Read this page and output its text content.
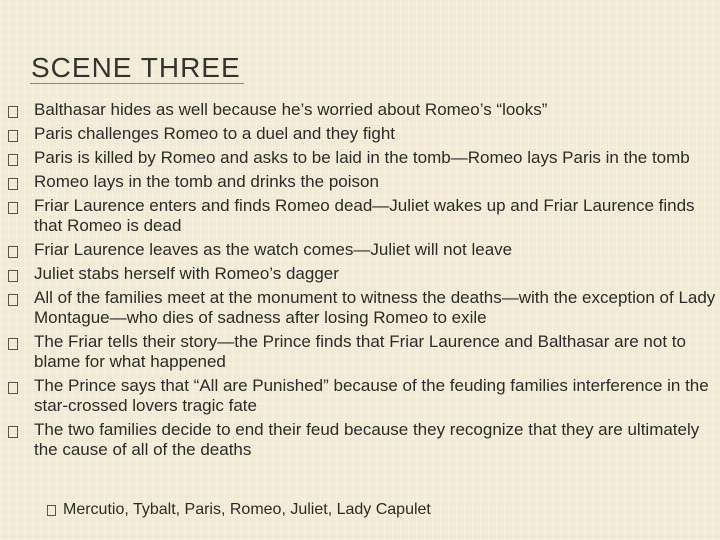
SCENE THREE
Balthasar hides as well because he’s worried about Romeo’s “looks”
Paris challenges Romeo to a duel and they fight
Paris is killed by Romeo and asks to be laid in the tomb—Romeo lays Paris in the tomb
Romeo lays in the tomb and drinks the poison
Friar Laurence enters and finds Romeo dead—Juliet wakes up and Friar Laurence finds that Romeo is dead
Friar Laurence leaves as the watch comes—Juliet will not leave
Juliet stabs herself with Romeo’s dagger
All of the families meet at the monument to witness the deaths—with the exception of Lady Montague—who dies of sadness after losing Romeo to exile
The Friar tells their story—the Prince finds that Friar Laurence and Balthasar are not to blame for what happened
The Prince says that “All are Punished” because of the feuding families interference in the star-crossed lovers tragic fate
The two families decide to end their feud because they recognize that they are ultimately the cause of all of the deaths
Mercutio, Tybalt, Paris, Romeo, Juliet, Lady Capulet
